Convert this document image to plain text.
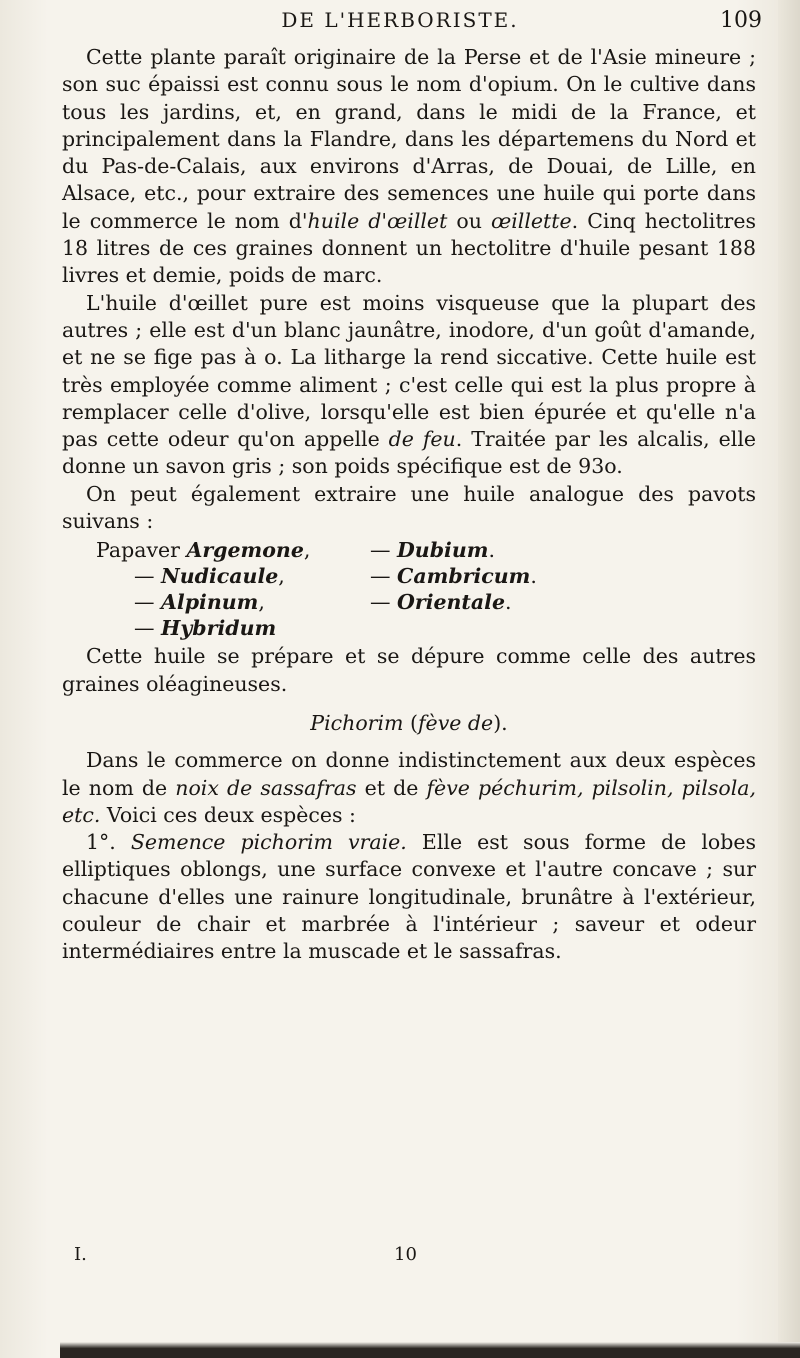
DE L'HERBORISTE.	109

Cette plante paraît originaire de la Perse et de l'Asie mineure ; son suc épaissi est connu sous le nom d'opium. On le cultive dans tous les jardins, et, en grand, dans le midi de la France, et principalement dans la Flandre, dans les départemens du Nord et du Pas-de-Calais, aux environs d'Arras, de Douai, de Lille, en Alsace, etc., pour extraire des semences une huile qui porte dans le commerce le nom d'huile d'œillet ou œillette. Cinq hectolitres 18 litres de ces graines donnent un hectolitre d'huile pesant 188 livres et demie, poids de marc.

L'huile d'œillet pure est moins visqueuse que la plupart des autres ; elle est d'un blanc jaunâtre, inodore, d'un goût d'amande, et ne se fige pas à o. La litharge la rend siccative. Cette huile est très employée comme aliment ; c'est celle qui est la plus propre à remplacer celle d'olive, lorsqu'elle est bien épurée et qu'elle n'a pas cette odeur qu'on appelle de feu. Traitée par les alcalis, elle donne un savon gris ; son poids spécifique est de 93o.

On peut également extraire une huile analogue des pavots suivans :

Papaver Argemone,	— Dubium.
— Nudicaule,	— Cambricum.
— Alpinum,	— Orientale.
— Hybridum

Cette huile se prépare et se dépure comme celle des autres graines oléagineuses.

Pichorim (fève de).

Dans le commerce on donne indistinctement aux deux espèces le nom de noix de sassafras et de fève péchurim, pilsolin, pilsola, etc. Voici ces deux espèces :

1°. Semence pichorim vraie. Elle est sous forme de lobes elliptiques oblongs, une surface convexe et l'autre concave ; sur chacune d'elles une rainure longitudinale, brunâtre à l'extérieur, couleur de chair et marbrée à l'intérieur ; saveur et odeur intermédiaires entre la muscade et le sassafras.

I.	10
